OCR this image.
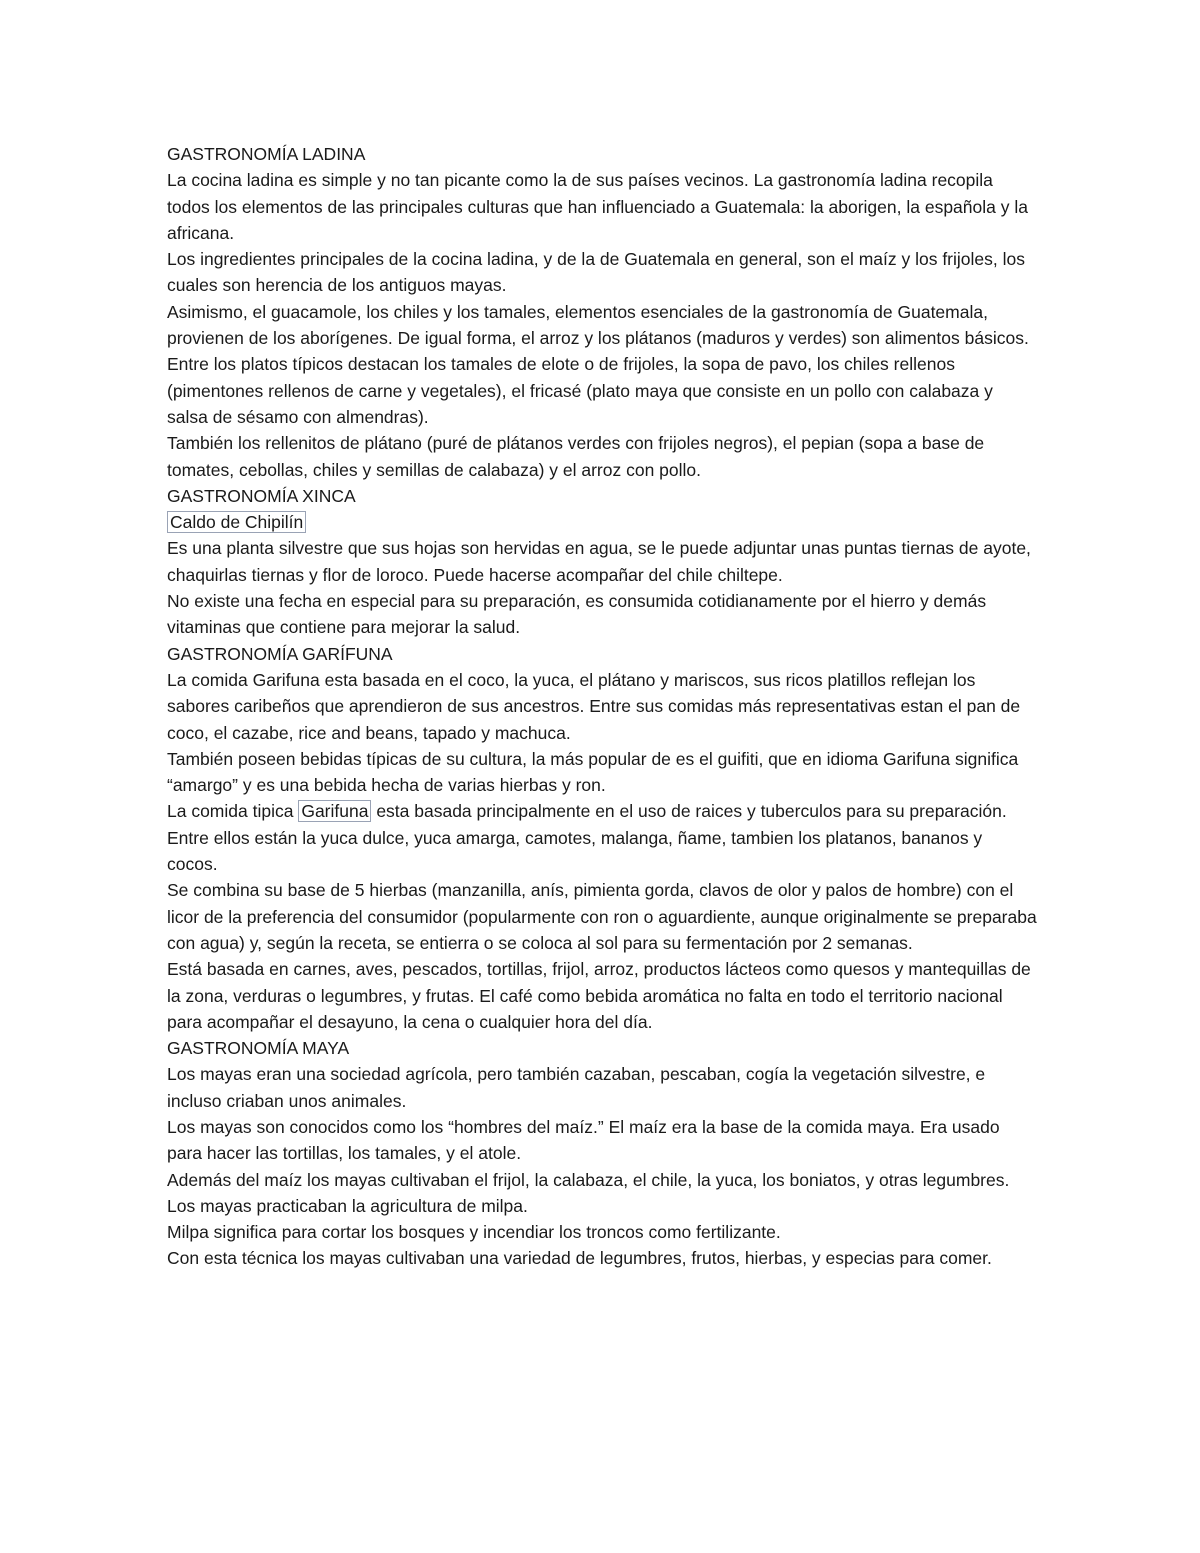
GASTRONOMÍA LADINA

La cocina ladina es simple y no tan picante como la de sus países vecinos. La gastronomía ladina recopila todos los elementos de las principales culturas que han influenciado a Guatemala: la aborigen, la española y la africana.

Los ingredientes principales de la cocina ladina, y de la de Guatemala en general, son el maíz y los frijoles, los cuales son herencia de los antiguos mayas.

Asimismo, el guacamole, los chiles y los tamales, elementos esenciales de la gastronomía de Guatemala, provienen de los aborígenes. De igual forma, el arroz y los plátanos (maduros y verdes) son alimentos básicos.

Entre los platos típicos destacan los tamales de elote o de frijoles, la sopa de pavo, los chiles rellenos (pimentones rellenos de carne y vegetales), el fricasé (plato maya que consiste en un pollo con calabaza y salsa de sésamo con almendras).

También los rellenitos de plátano (puré de plátanos verdes con frijoles negros), el pepian (sopa a base de tomates, cebollas, chiles y semillas de calabaza) y el arroz con pollo.

GASTRONOMÍA XINCA

Caldo de Chipilín

Es una planta silvestre que sus hojas son hervidas en agua, se le puede adjuntar unas puntas tiernas de ayote, chaquirlas tiernas y flor de loroco. Puede hacerse acompañar del chile chiltepe.

No existe una fecha en especial para su preparación, es consumida cotidianamente por el hierro y demás vitaminas que contiene para mejorar la salud.

GASTRONOMÍA GARÍFUNA

La comida Garifuna esta basada en el coco, la yuca, el plátano y mariscos, sus ricos platillos reflejan los sabores caribeños que aprendieron de sus ancestros. Entre sus comidas más representativas estan el pan de coco, el cazabe, rice and beans, tapado y machuca.

También poseen bebidas típicas de su cultura, la más popular de es el guifiti, que en idioma Garifuna significa “amargo” y es una bebida hecha de varias hierbas y ron.

La comida tipica Garifuna esta basada principalmente en el uso de raices y tuberculos para su preparación. Entre ellos están la yuca dulce, yuca amarga, camotes, malanga, ñame, tambien los platanos, bananos y cocos.

Se combina su base de 5 hierbas (manzanilla, anís, pimienta gorda, clavos de olor y palos de hombre) con el licor de la preferencia del consumidor (popularmente con ron o aguardiente, aunque originalmente se preparaba con agua) y, según la receta, se entierra o se coloca al sol para su fermentación por 2 semanas.

Está basada en carnes, aves, pescados, tortillas, frijol, arroz, productos lácteos como quesos y mantequillas de la zona, verduras o legumbres, y frutas. El café como bebida aromática no falta en todo el territorio nacional para acompañar el desayuno, la cena o cualquier hora del día.

GASTRONOMÍA MAYA

Los mayas eran una sociedad agrícola, pero también cazaban, pescaban, cogía la vegetación silvestre, e incluso criaban unos animales.

Los mayas son conocidos como los “hombres del maíz.” El maíz era la base de la comida maya. Era usado para hacer las tortillas, los tamales, y el atole.

Además del maíz los mayas cultivaban el frijol, la calabaza, el chile, la yuca, los boniatos, y otras legumbres.

Los mayas practicaban la agricultura de milpa.

Milpa significa para cortar los bosques y incendiar los troncos como fertilizante.

Con esta técnica los mayas cultivaban una variedad de legumbres, frutos, hierbas, y especias para comer.
